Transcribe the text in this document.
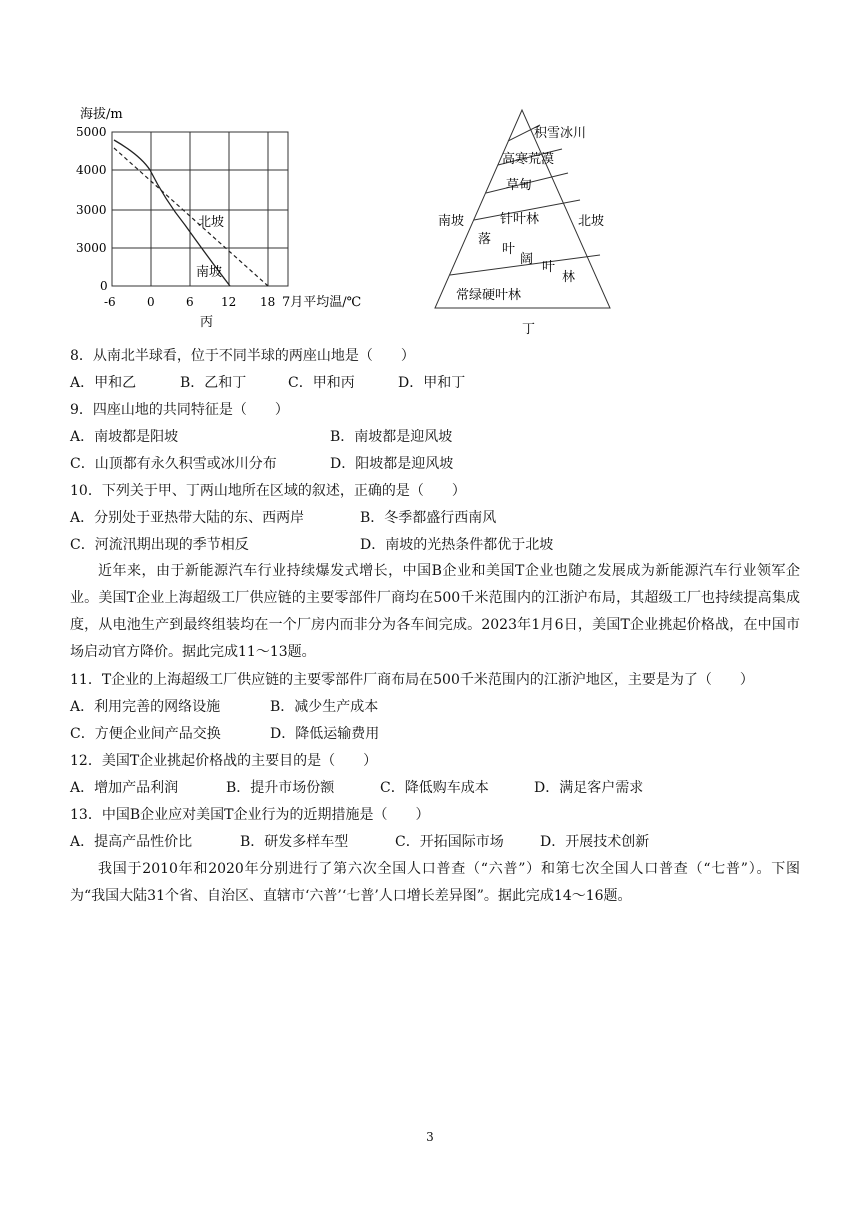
海拔/m
5000
4000
3000
3000
0
-6	0	6 12 18 7月平均温/℃
北坡
南坡
丙
积雪冰川
高寒荒漠
草甸
针叶林
落
叶
阔
叶
林
常绿硬叶林
南坡	北坡
丁
8．从南北半球看，位于不同半球的两座山地是（　　）
A．甲和乙	B．乙和丁	C．甲和丙	D．甲和丁
9．四座山地的共同特征是（　　）
A．南坡都是阳坡	B．南坡都是迎风坡
C．山顶都有永久积雪或冰川分布	D．阳坡都是迎风坡
10．下列关于甲、丁两山地所在区域的叙述，正确的是（　　）
A．分别处于亚热带大陆的东、西两岸	B．冬季都盛行西南风
C．河流汛期出现的季节相反	D．南坡的光热条件都优于北坡
近年来，由于新能源汽车行业持续爆发式增长，中国B企业和美国T企业也随之发展成为新能源汽车行业领军企业。美国T企业上海超级工厂供应链的主要零部件厂商均在500千米范围内的江浙沪布局，其超级工厂也持续提高集成度，从电池生产到最终组装均在一个厂房内而非分为各车间完成。2023年1月6日，美国T企业挑起价格战，在中国市场启动官方降价。据此完成11～13题。
11．T企业的上海超级工厂供应链的主要零部件厂商布局在500千米范围内的江浙沪地区，主要是为了（　　）
A．利用完善的网络设施	B．减少生产成本
C．方便企业间产品交换	D．降低运输费用
12．美国T企业挑起价格战的主要目的是（　　）
A．增加产品利润	B．提升市场份额	C．降低购车成本	D．满足客户需求
13．中国B企业应对美国T企业行为的近期措施是（　　）
A．提高产品性价比	B．研发多样车型	C．开拓国际市场	D．开展技术创新
我国于2010年和2020年分别进行了第六次全国人口普查（“六普”）和第七次全国人口普查（“七普”）。下图为“我国大陆31个省、自治区、直辖市‘六普’‘七普’人口增长差异图”。据此完成14～16题。
3
